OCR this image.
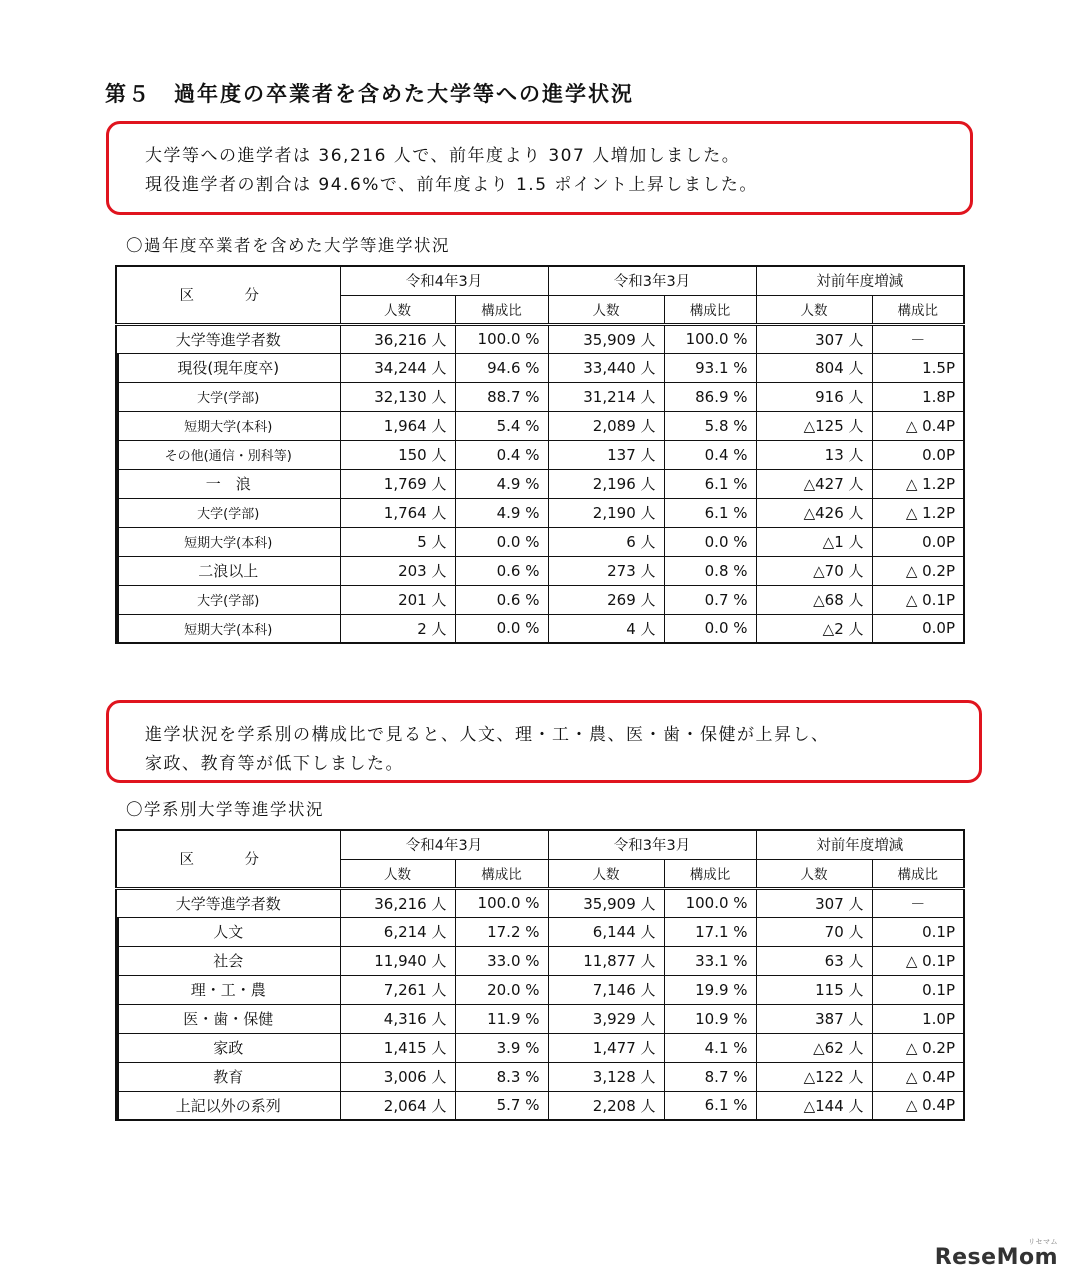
第５　過年度の卒業者を含めた大学等への進学状況
大学等への進学者は 36,216 人で、前年度より 307 人増加しました。
現役進学者の割合は 94.6%で、前年度より 1.5 ポイント上昇しました。
〇過年度卒業者を含めた大学等進学状況
区　分	令和4年3月		令和3年3月		対前年度増減	
	人数	構成比	人数	構成比	人数	構成比
大学等進学者数	36,216 人	100.0 %	35,909 人	100.0 %	307 人	－
現役(現年度卒)	34,244 人	94.6 %	33,440 人	93.1 %	804 人	1.5P
大学(学部)	32,130 人	88.7 %	31,214 人	86.9 %	916 人	1.8P
短期大学(本科)	1,964 人	5.4 %	2,089 人	5.8 %	△125 人	△ 0.4P
その他(通信・別科等)	150 人	0.4 %	137 人	0.4 %	13 人	0.0P
一　浪	1,769 人	4.9 %	2,196 人	6.1 %	△427 人	△ 1.2P
大学(学部)	1,764 人	4.9 %	2,190 人	6.1 %	△426 人	△ 1.2P
短期大学(本科)	5 人	0.0 %	6 人	0.0 %	△1 人	0.0P
二浪以上	203 人	0.6 %	273 人	0.8 %	△70 人	△ 0.2P
大学(学部)	201 人	0.6 %	269 人	0.7 %	△68 人	△ 0.1P
短期大学(本科)	2 人	0.0 %	4 人	0.0 %	△2 人	0.0P
進学状況を学系別の構成比で見ると、人文、理・工・農、医・歯・保健が上昇し、
家政、教育等が低下しました。
〇学系別大学等進学状況
区　分	令和4年3月		令和3年3月		対前年度増減	
	人数	構成比	人数	構成比	人数	構成比
大学等進学者数	36,216 人	100.0 %	35,909 人	100.0 %	307 人	－
人文	6,214 人	17.2 %	6,144 人	17.1 %	70 人	0.1P
社会	11,940 人	33.0 %	11,877 人	33.1 %	63 人	△ 0.1P
理・工・農	7,261 人	20.0 %	7,146 人	19.9 %	115 人	0.1P
医・歯・保健	4,316 人	11.9 %	3,929 人	10.9 %	387 人	1.0P
家政	1,415 人	3.9 %	1,477 人	4.1 %	△62 人	△ 0.2P
教育	3,006 人	8.3 %	3,128 人	8.7 %	△122 人	△ 0.4P
上記以外の系列	2,064 人	5.7 %	2,208 人	6.1 %	△144 人	△ 0.4P
リセマム
ReseMom
